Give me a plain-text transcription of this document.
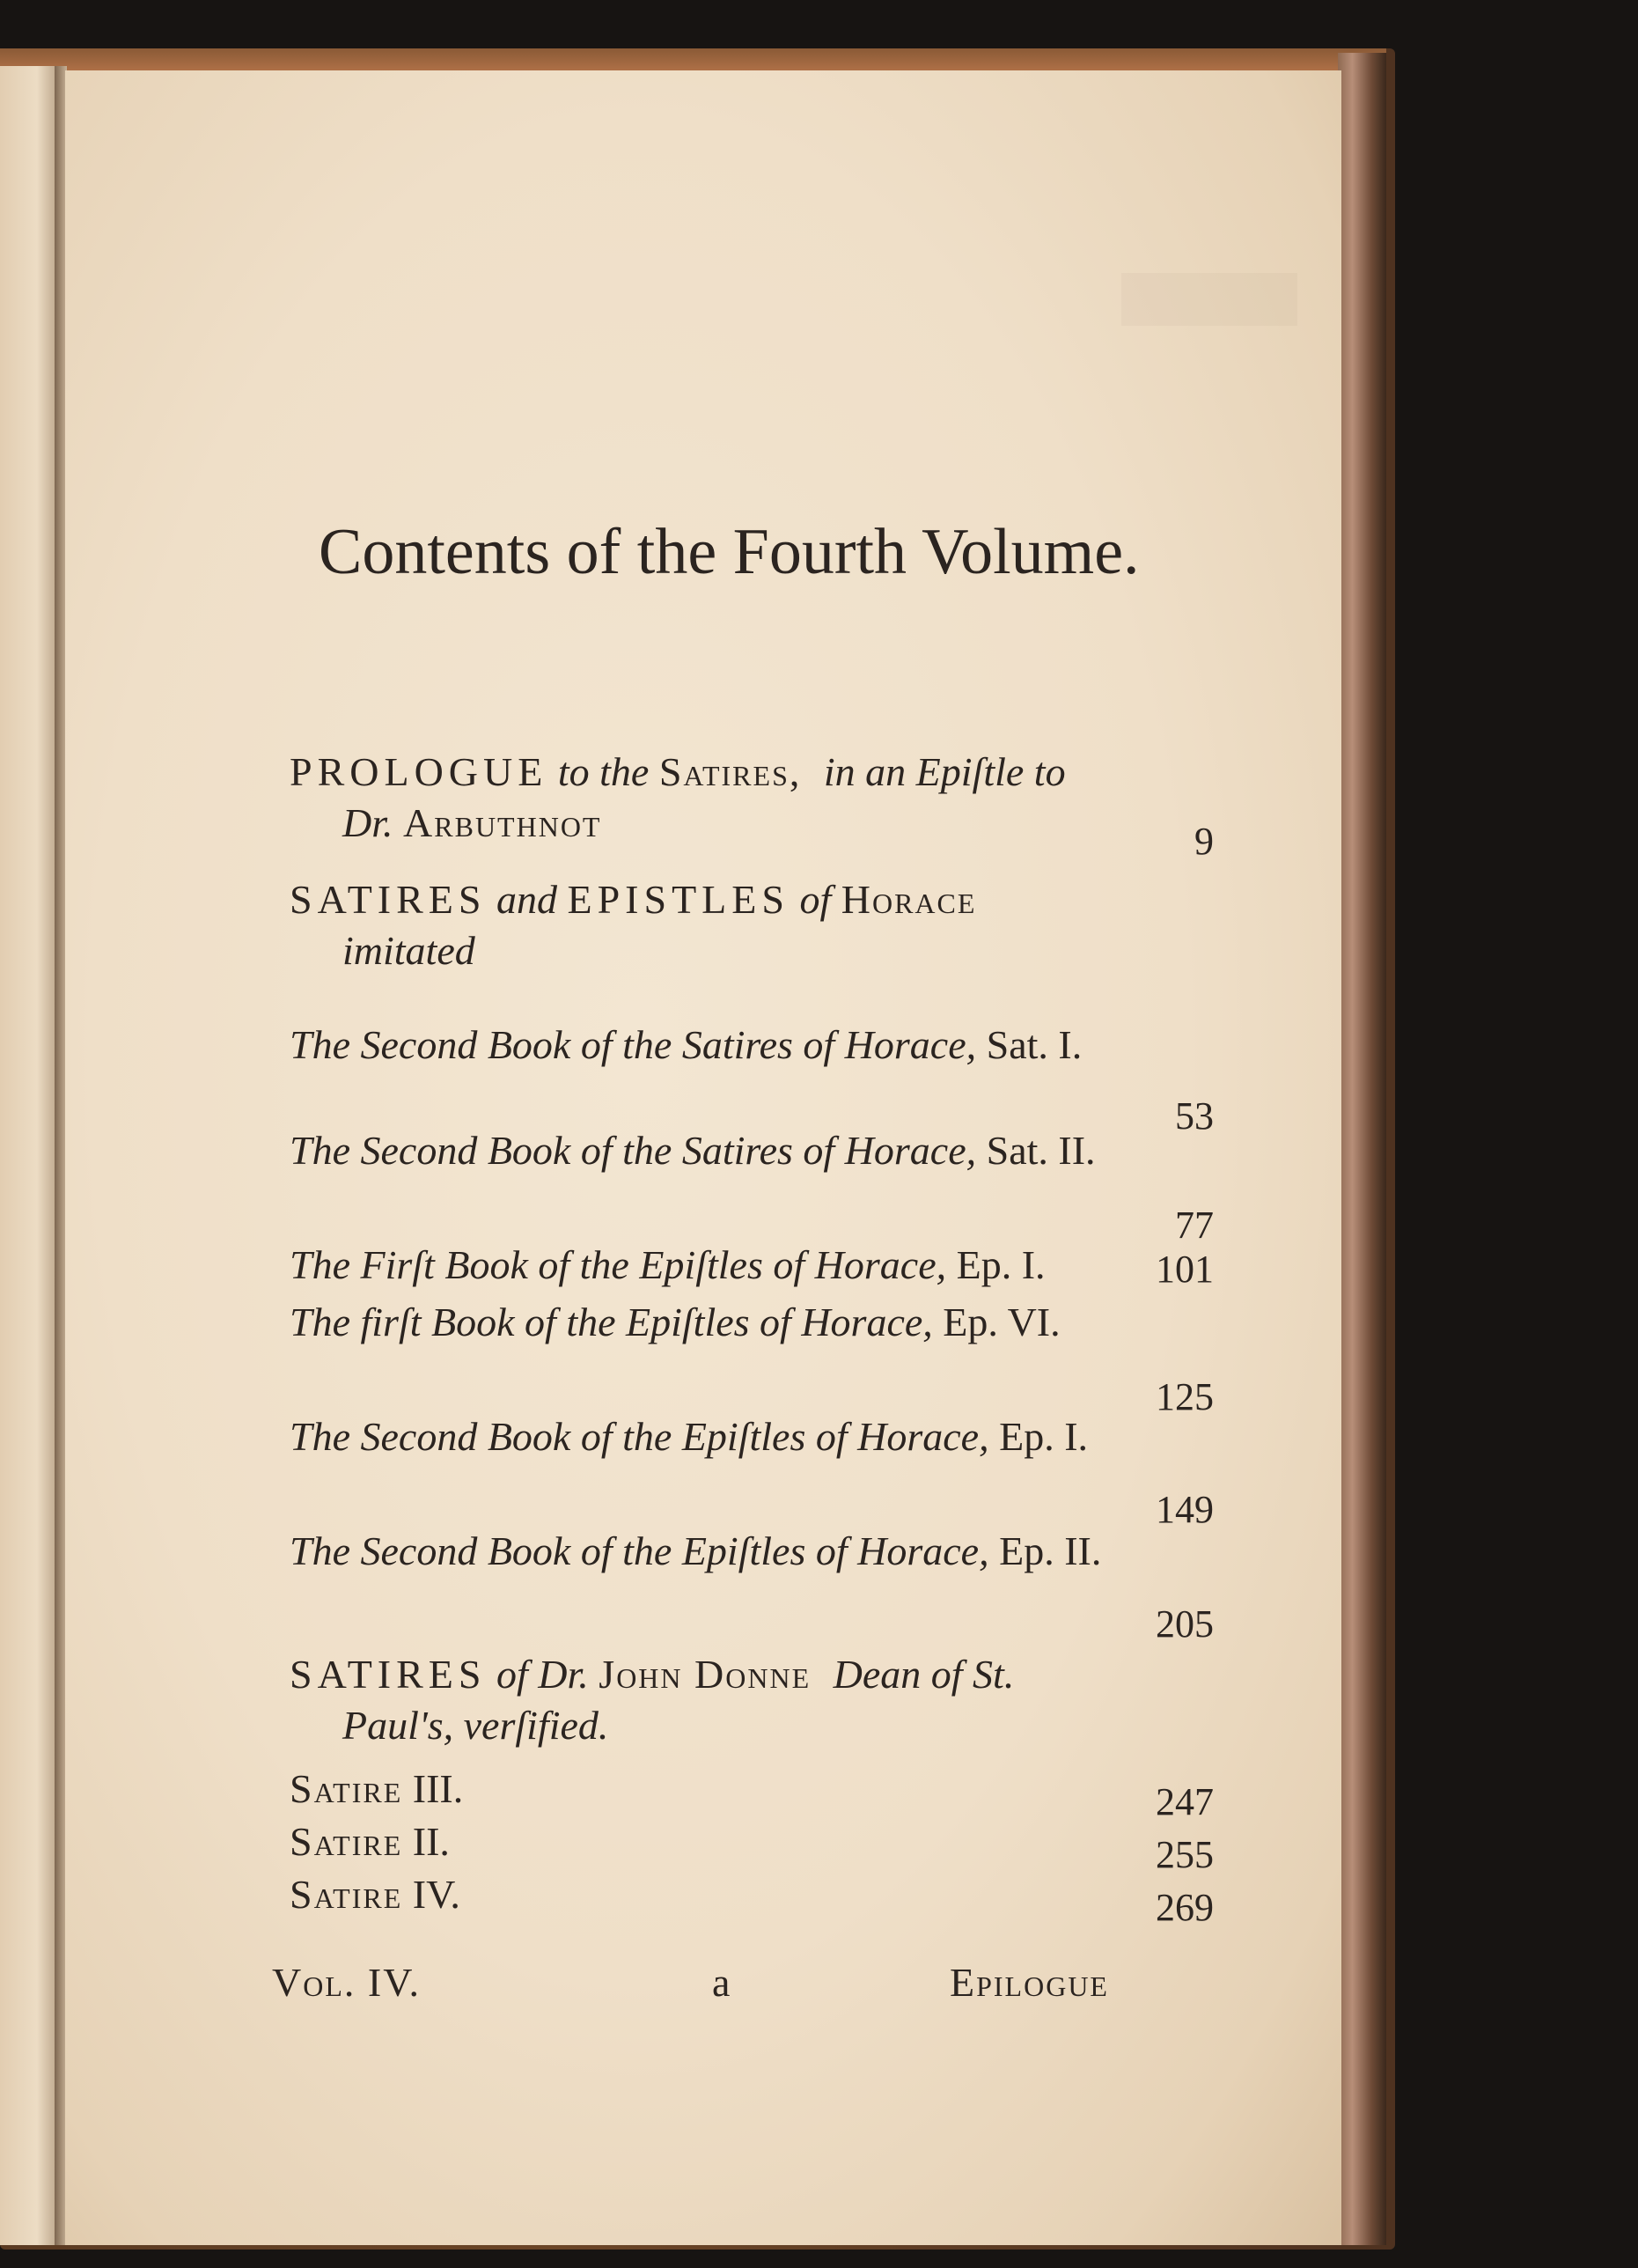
Contents of the Fourth Volume.
PROLOGUE to the Satires, in an Epiſtle to
Dr. Arbuthnot	9
SATIRES and EPISTLES of Horace
imitated
The Second Book of the Satires of Horace, Sat. I.
53
The Second Book of the Satires of Horace, Sat. II.
77
The Firſt Book of the Epiſtles of Horace, Ep. I.	101
The firſt Book of the Epiſtles of Horace, Ep. VI.
125
The Second Book of the Epiſtles of Horace, Ep. I.
149
The Second Book of the Epiſtles of Horace, Ep. II.
205
SATIRES of Dr. John Donne Dean of St.
Paul's, verſified.
Satire III.	247
Satire II.	255
Satire IV.	269
Vol. IV.	a	Epilogue
